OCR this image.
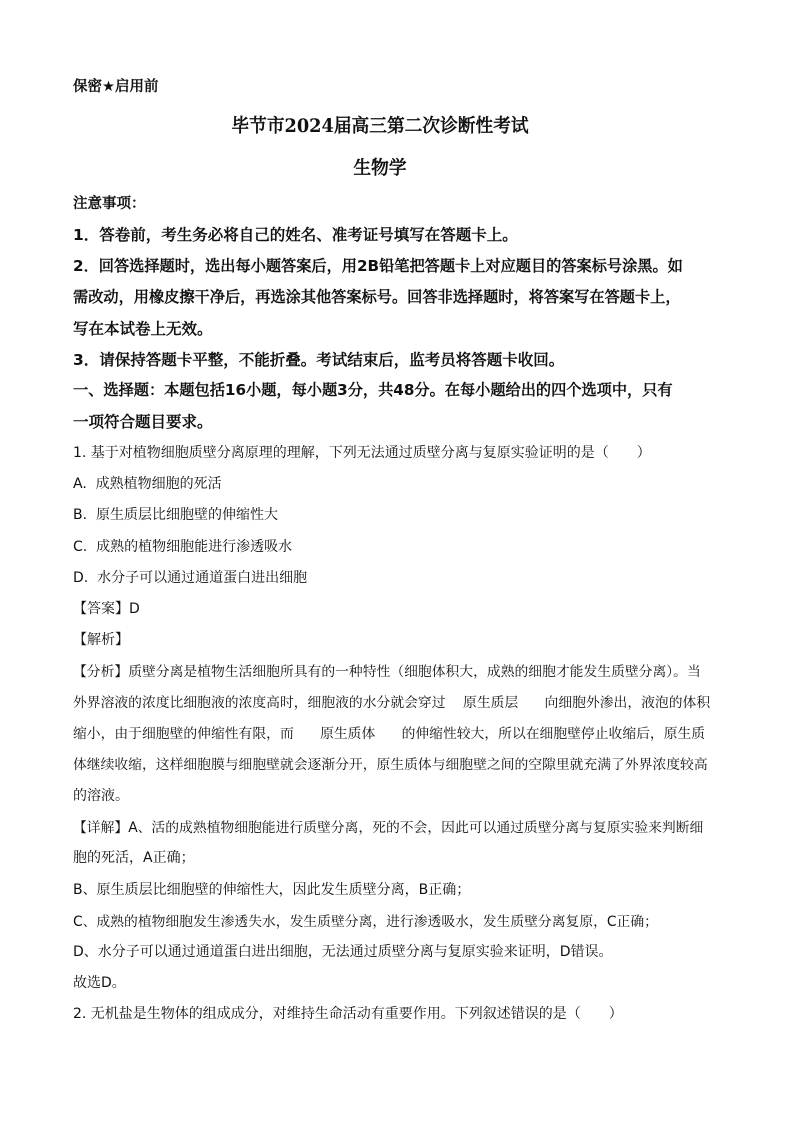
保密★启用前
毕节市2024届高三第二次诊断性考试
生物学
注意事项：
1．答卷前，考生务必将自己的姓名、准考证号填写在答题卡上。
2．回答选择题时，选出每小题答案后，用2B铅笔把答题卡上对应题目的答案标号涂黑。如
需改动，用橡皮擦干净后，再选涂其他答案标号。回答非选择题时，将答案写在答题卡上，
写在本试卷上无效。
3．请保持答题卡平整，不能折叠。考试结束后，监考员将答题卡收回。
一、选择题：本题包括16小题，每小题3分，共48分。在每小题给出的四个选项中，只有
一项符合题目要求。
1. 基于对植物细胞质壁分离原理的理解，下列无法通过质壁分离与复原实验证明的是（　　）
A.  成熟植物细胞的死活
B.  原生质层比细胞壁的伸缩性大
C.  成熟的植物细胞能进行渗透吸水
D.  水分子可以通过通道蛋白进出细胞
【答案】D
【解析】
【分析】质壁分离是植物生活细胞所具有的一种特性（细胞体积大，成熟的细胞才能发生质壁分离）。当
外界溶液的浓度比细胞液的浓度高时，细胞液的水分就会穿过    原生质层      向细胞外渗出，液泡的体积
缩小，由于细胞壁的伸缩性有限，而      原生质体      的伸缩性较大，所以在细胞壁停止收缩后，原生质
体继续收缩，这样细胞膜与细胞壁就会逐渐分开，原生质体与细胞壁之间的空隙里就充满了外界浓度较高
的溶液。
【详解】A、活的成熟植物细胞能进行质壁分离，死的不会，因此可以通过质壁分离与复原实验来判断细
胞的死活，A正确；
B、原生质层比细胞壁的伸缩性大，因此发生质壁分离，B正确；
C、成熟的植物细胞发生渗透失水，发生质壁分离，进行渗透吸水，发生质壁分离复原，C正确；
D、水分子可以通过通道蛋白进出细胞，无法通过质壁分离与复原实验来证明，D错误。
故选D。
2. 无机盐是生物体的组成成分，对维持生命活动有重要作用。下列叙述错误的是（　　）
